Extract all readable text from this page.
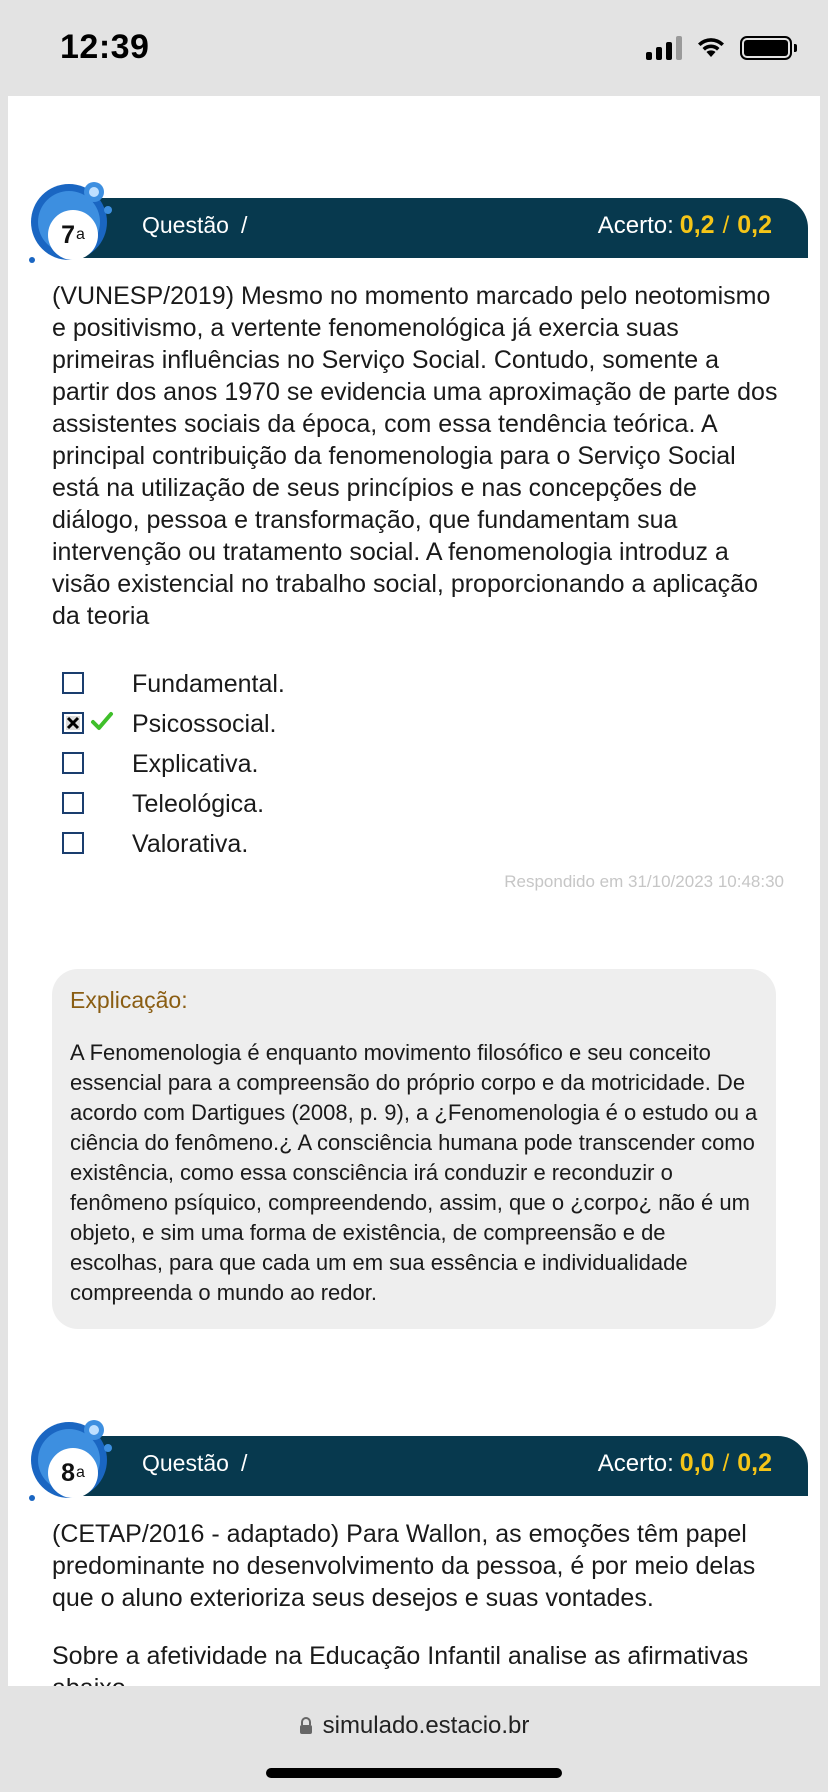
12:39
7 a Questão /	Acerto: 0,2 / 0,2
(VUNESP/2019) Mesmo no momento marcado pelo neotomismo e positivismo, a vertente fenomenológica já exercia suas primeiras influências no Serviço Social. Contudo, somente a partir dos anos 1970 se evidencia uma aproximação de parte dos assistentes sociais da época, com essa tendência teórica. A principal contribuição da fenomenologia para o Serviço Social está na utilização de seus princípios e nas concepções de diálogo, pessoa e transformação, que fundamentam sua intervenção ou tratamento social. A fenomenologia introduz a visão existencial no trabalho social, proporcionando a aplicação da teoria
Fundamental.
Psicossocial.
Explicativa.
Teleológica.
Valorativa.
Respondido em 31/10/2023 10:48:30
Explicação:
A Fenomenologia é enquanto movimento filosófico e seu conceito essencial para a compreensão do próprio corpo e da motricidade. De acordo com Dartigues (2008, p. 9), a ¿Fenomenologia é o estudo ou a ciência do fenômeno.¿ A consciência humana pode transcender como existência, como essa consciência irá conduzir e reconduzir o fenômeno psíquico, compreendendo, assim, que o ¿corpo¿ não é um objeto, e sim uma forma de existência, de compreensão e de escolhas, para que cada um em sua essência e individualidade compreenda o mundo ao redor.
8 a Questão /	Acerto: 0,0 / 0,2
(CETAP/2016 - adaptado) Para Wallon, as emoções têm papel predominante no desenvolvimento da pessoa, é por meio delas que o aluno exterioriza seus desejos e suas vontades.
Sobre a afetividade na Educação Infantil analise as afirmativas
simulado.estacio.br
